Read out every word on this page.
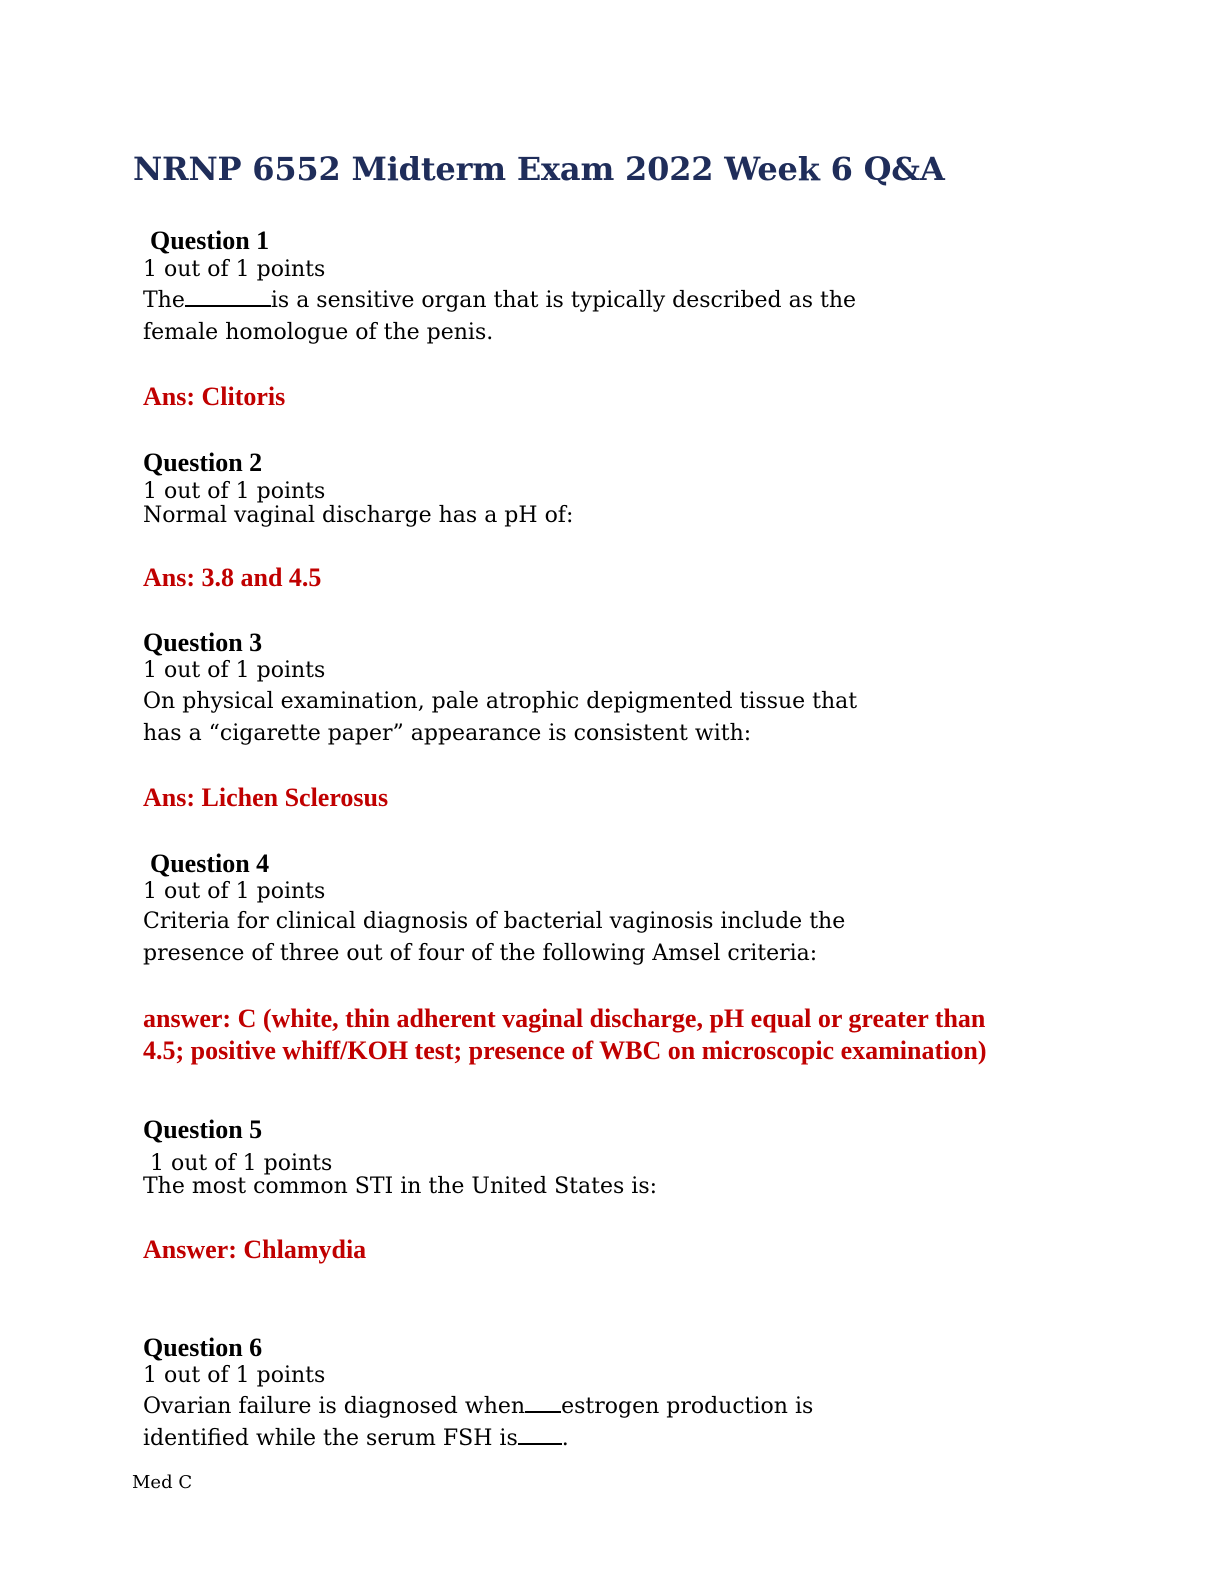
NRNP 6552 Midterm Exam 2022 Week 6 Q&A
Question 1
1 out of 1 points
The	is a sensitive organ that is typically described as the
female homologue of the penis.
Ans: Clitoris
Question 2
1 out of 1 points
Normal vaginal discharge has a pH of:
Ans: 3.8 and 4.5
Question 3
1 out of 1 points
On physical examination, pale atrophic depigmented tissue that
has a “cigarette paper” appearance is consistent with:
Ans: Lichen Sclerosus
Question 4
1 out of 1 points
Criteria for clinical diagnosis of bacterial vaginosis include the
presence of three out of four of the following Amsel criteria:
answer: C (white, thin adherent vaginal discharge, pH equal or greater than
4.5; positive whiff/KOH test; presence of WBC on microscopic examination)
Question 5
1 out of 1 points
The most common STI in the United States is:
Answer: Chlamydia
Question 6
1 out of 1 points
Ovarian failure is diagnosed when estrogen production is
identified while the serum FSH is .
Med C
